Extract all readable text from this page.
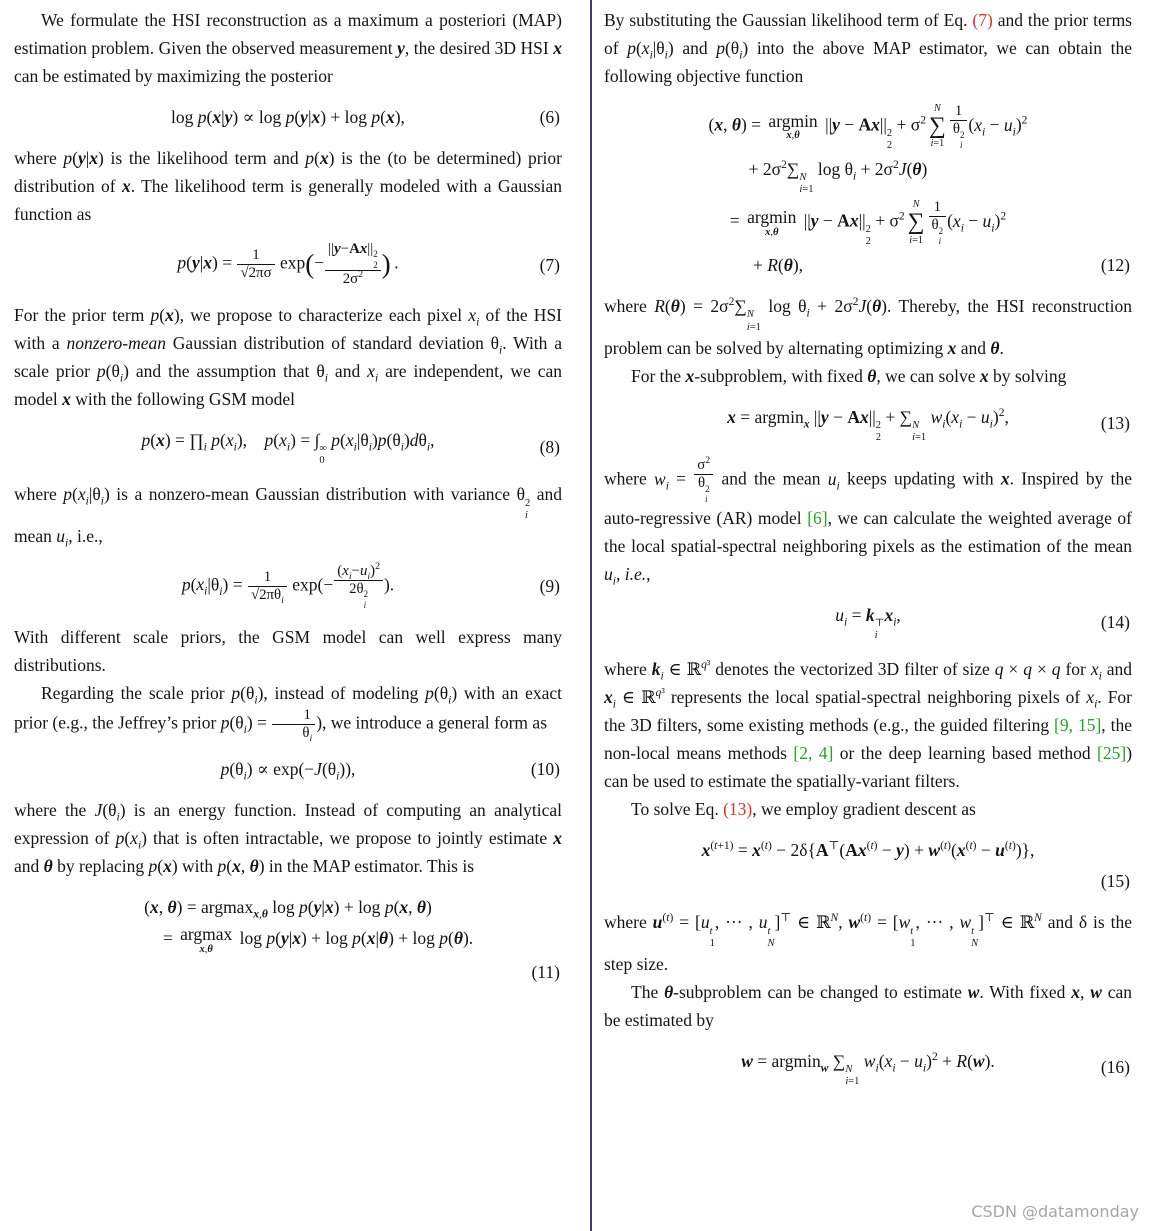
We formulate the HSI reconstruction as a maximum a posteriori (MAP) estimation problem. Given the observed measurement y, the desired 3D HSI x can be estimated by maximizing the posterior
log p(x|y) ∝ log p(y|x) + log p(x),	(6)
where p(y|x) is the likelihood term and p(x) is the (to be determined) prior distribution of x. The likelihood term is generally modeled with a Gaussian function as
$p(y|x) = \frac{1}{√2\pi\sigma} \exp(- ||y-Ax||$ 2
2
$2\sigma^2$ ) .	(7)
For the prior term p(x), we propose to characterize each pixel $x_i$ of the HSI with a nonzero-mean Gaussian distribution of standard deviation $\theta_i$. With a scale prior $p(\theta_i)$ and the assumption that $\theta_i$ and $x_i$ are independent, we can model x with the following GSM model
$p(x) = \prod_i$ $p(x_i)$,    $p(x_i)$ = ∫ ∞
0
$p(x_i|\theta_i)p(\theta_i)d\theta_i$,	(8)
where $p(x_i|\theta_i)$ is a nonzero-mean Gaussian distribution with variance θ 2
i
and mean $u_i$, i.e.,
$p(x_i|\theta_i) = \frac{1}{√2\pi\theta_i} \exp(- (x_i-u_i)^2$
2θ 2
i ).	(9)
With different scale priors, the GSM model can well express many distributions.
Regarding the scale prior $p(\theta_i)$, instead of modeling $p(\theta_i)$ with an exact prior (e.g., the Jeffrey’s prior $p(\theta_i) = \frac{1}{\theta_i}$ ), we introduce a general form as
$p(\theta_i) \propto \exp(-J(\theta_i))$,	(10)
where the $J(\theta_i)$ is an energy function. Instead of computing an analytical expression of $p(x_i)$ that is often intractable, we propose to jointly estimate x and θ by replacing p(x) with p(x, θ) in the MAP estimator. This is
(x, θ) = argmax$_{x,\theta}$ log p(y|x) + log p(x, θ)
= argmax
x,θ
log p(y|x) + log p(x|θ) + log p(θ).
(11)
By substituting the Gaussian likelihood term of Eq. (7) and the prior terms of $p(x_i|\theta_i)$ and $p(\theta_i)$ into the above MAP estimator, we can obtain the following objective function
(x, θ) = argmin
x,θ
||y − Ax|| 2
2
+ $\sigma^2$
N
∑
i=1 1
θ 2
i $(x_i - u_i)^2$
+ $2\sigma^2\sum$ N
i=1
$\log \theta_i + 2\sigma^2J(\theta)$
= argmin
x,θ
||y − Ax|| 2
2
+ $\sigma^2$
N
∑
i=1 1
θ 2
i $(x_i - u_i)^2$
+ R(θ),	(12)
where $R(\theta) = 2\sigma^2\sum$ N
i=1
$\log \theta_i + 2\sigma^2J(\theta)$. Thereby, the HSI reconstruction problem can be solved by alternating optimizing x and θ.
For the x-subproblem, with fixed θ, we can solve x by solving
x = argmin$_x$ ||y − Ax|| 2
2
+ ∑ N
i=1
$w_i(x_i - u_i)^2$,	(13)
where $w_i = \sigma^2$
θ 2
i and the mean $u_i$ keeps updating with x. Inspired by the auto-regressive (AR) model [6], we can calculate the weighted average of the local spatial-spectral neighboring pixels as the estimation of the mean $u_i$, i.e.,
$u_i = k$ ⊤
i
$x_i$,	(14)
where $k_i$ ∈ ℝ$^{q^3}$ denotes the vectorized 3D filter of size q × q × q for $x_i$ and $x_i$ ∈ ℝ$^{q^3}$ represents the local spatial-spectral neighboring pixels of $x_i$. For the 3D filters, some existing methods (e.g., the guided filtering [9, 15], the non-local means methods [2, 4] or the deep learning based method [25]) can be used to estimate the spatially-variant filters.
To solve Eq. (13), we employ gradient descent as
$x^{(t+1)} = x^{(t)} - 2\delta\{A^⊤(Ax^{(t)} - y) + w^{(t)}(x^{(t)} - u^{(t)})\}$,
(15)
where $u^{(t)} = [u$ t
1
, ··· , u t
N
]⊤ ∈ ℝ$^N$, $w^{(t)} = [w$ t
1
, ··· , w t
N
]⊤ ∈ ℝ$^N$ and δ is the step size.
The θ-subproblem can be changed to estimate w. With fixed x, w can be estimated by
w = argmin$_w$ ∑ N
i=1
$w_i(x_i - u_i)^2 + R(w)$.	(16)
CSDN @datamonday
